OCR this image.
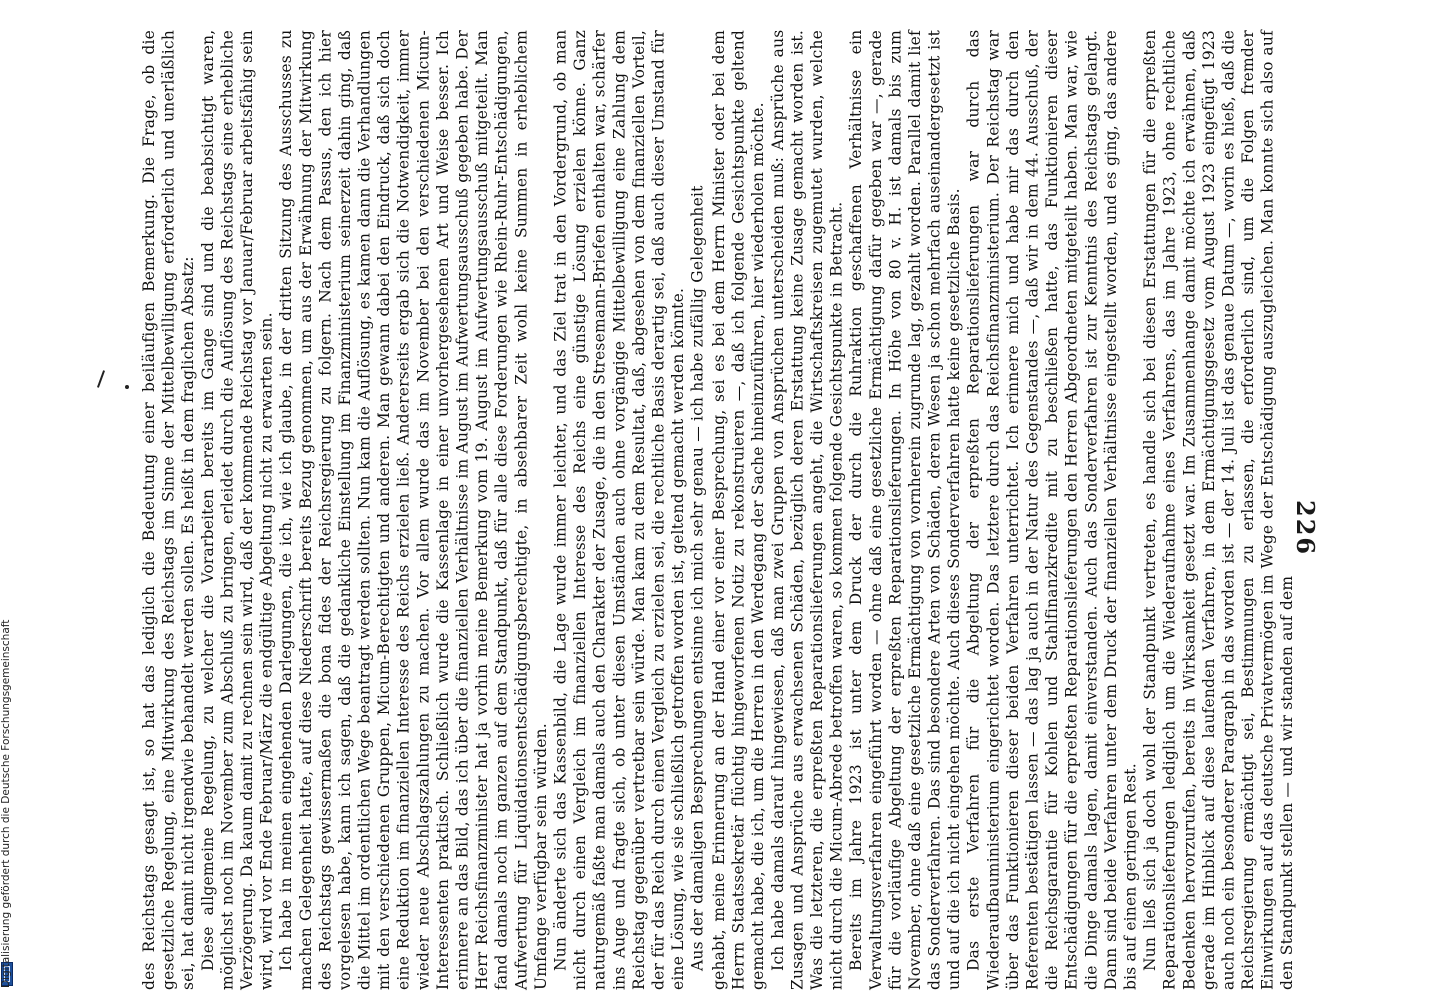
des Reichstags gesagt ist, so hat das lediglich die Bedeutung einer beiläufigen Bemerkung. Die Frage, ob die gesetzliche Regelung, eine Mitwirkung des Reichstags im Sinne der Mittelbewilligung erforderlich und unerläßlich sei, hat damit nicht irgendwie behandelt werden sollen. Es heißt in dem fraglichen Absatz: Diese allgemeine Regelung, zu welcher die Vorarbeiten bereits im Gange sind und die beabsichtigt waren, möglichst noch im November zum Abschluß zu bringen, erleidet durch die Auflösung des Reichstags eine erhebliche Verzögerung. Da kaum damit zu rechnen sein wird, daß der kommende Reichstag vor Januar/Februar arbeitsfähig sein wird, wird vor Ende Februar/März die endgültige Abgeltung nicht zu erwarten sein. Ich habe in meinen eingehenden Darlegungen, die ich, wie ich glaube, in der dritten Sitzung des Ausschusses zu machen Gelegenheit hatte, auf diese Niederschrift bereits Bezug genommen, um aus der Erwähnung der Mitwirkung des Reichstags gewissermaßen die bona fides der Reichsregierung zu folgern. Nach dem Passus, den ich hier vorgelesen habe, kann ich sagen, daß die gedankliche Einstellung im Finanzministerium seinerzeit dahin ging, daß die Mittel im ordentlichen Wege beantragt werden sollten. Nun kam die Auflösung, es kamen dann die Verhandlungen mit den verschiedenen Gruppen, Micum-Berechtigten und anderen. Man gewann dabei den Eindruck, daß sich doch eine Reduktion im finanziellen Interesse des Reichs erzielen ließ. Andererseits ergab sich die Notwendigkeit, immer wieder neue Abschlagszahlungen zu machen. Vor allem wurde das im November bei den verschiedenen Micum-Interessenten praktisch. Schließlich wurde die Kassenlage in einer unvorhergesehenen Art und Weise besser. Ich erinnere an das Bild, das ich über die finanziellen Verhältnisse im August im Aufwertungsausschuß gegeben habe. Der Herr Reichsfinanzminister hat ja vorhin meine Bemerkung vom 19. August im Aufwertungsausschuß mitgeteilt. Man fand damals noch im ganzen auf dem Standpunkt, daß für alle diese Forderungen wie Rhein-Ruhr-Entschädigungen, Aufwertung für Liquidationsentschädigungsberechtigte, in absehbarer Zeit wohl keine Summen in erheblichem Umfange verfügbar sein würden. Nun änderte sich das Kassenbild, die Lage wurde immer leichter, und das Ziel trat in den Vordergrund, ob man nicht durch einen Vergleich im finanziellen Interesse des Reichs eine günstige Lösung erzielen könne. Ganz naturgemäß faßte man damals auch den Charakter der Zusage, die in den Stresemann-Briefen enthalten war, schärfer ins Auge und fragte sich, ob unter diesen Umständen auch ohne vorgängige Mittelbewilligung eine Zahlung dem Reichstag gegenüber vertretbar sein würde. Man kam zu dem Resultat, daß, abgesehen von dem finanziellen Vorteil, der für das Reich durch einen Vergleich zu erzielen sei, die rechtliche Basis derartig sei, daß auch dieser Umstand für eine Lösung, wie sie schließlich getroffen worden ist, geltend gemacht werden könnte. Aus der damaligen Besprechungen entsinne ich mich sehr genau — ich habe zufällig Gelegenheit	226

gehabt, meine Erinnerung an der Hand einer vor einer Besprechung, sei es bei dem Herrn Minister oder bei dem Herrn Staatssekretär flüchtig hingeworfenen Notiz zu rekonstruieren —, daß ich folgende Gesichtspunkte geltend gemacht habe, die ich, um die Herren in den Werdegang der Sache hineinzuführen, hier wiederholen möchte. Ich habe damals darauf hingewiesen, daß man zwei Gruppen von Ansprüchen unterscheiden muß: Ansprüche aus Zusagen und Ansprüche aus erwachsenen Schäden, bezüglich deren Erstattung keine Zusage gemacht worden ist. Was die letzteren, die erpreßten Reparationslieferungen angeht, die Wirtschaftskreisen zugemutet wurden, welche nicht durch die Micum-Abrede betroffen waren, so kommen folgende Gesichtspunkte in Betracht. Bereits im Jahre 1923 ist unter dem Druck der durch die Ruhraktion geschaffenen Verhältnisse ein Verwaltungsverfahren eingeführt worden — ohne daß eine gesetzliche Ermächtigung dafür gegeben war —, gerade für die vorläufige Abgeltung der erpreßten Reparationslieferungen. In Höhe von 80 v. H. ist damals bis zum November, ohne daß eine gesetzliche Ermächtigung von vornherein zugrunde lag, gezahlt worden. Parallel damit lief das Sonderverfahren. Das sind besondere Arten von Schäden, deren Wesen ja schon mehrfach auseinandergesetzt ist und auf die ich nicht eingehen möchte. Auch dieses Sonderverfahren hatte keine gesetzliche Basis. Das erste Verfahren für die Abgeltung der erpreßten Reparationslieferungen war durch das Wiederaufbauministerium eingerichtet worden. Das letztere durch das Reichsfinanzministerium. Der Reichstag war über das Funktionieren dieser beiden Verfahren unterrichtet. Ich erinnere mich und habe mir das durch den Referenten bestätigen lassen — das lag ja auch in der Natur des Gegenstandes —, daß wir in dem 44. Ausschuß, der die Reichsgarantie für Kohlen und Stahlfinanzkredite mit zu beschließen hatte, das Funktionieren dieser Entschädigungen für die erpreßten Reparationslieferungen den Herren Abgeordneten mitgeteilt haben. Man war, wie die Dinge damals lagen, damit einverstanden. Auch das Sonderverfahren ist zur Kenntnis des Reichstags gelangt. Dann sind beide Verfahren unter dem Druck der finanziellen Verhältnisse eingestellt worden, und es ging, das andere bis auf einen geringen Rest. Nun ließ sich ja doch wohl der Standpunkt vertreten, es handle sich bei diesen Erstattungen für die erpreßten Reparationslieferungen lediglich um die Wiederaufnahme eines Verfahrens, das im Jahre 1923, ohne rechtliche Bedenken hervorzurufen, bereits in Wirksamkeit gesetzt war. Im Zusammenhange damit möchte ich erwähnen, daß gerade im Hinblick auf diese laufenden Verfahren, in dem Ermächtigungsgesetz vom August 1923 eingefügt 1923 auch noch ein besonderer Paragraph in das worden ist — der 14. Juli ist das genaue Datum —, worin es hieß, daß die Reichsregierung ermächtigt sei, Bestimmungen zu erlassen, die erforderlich sind, um die Folgen fremder Einwirkungen auf das deutsche Privatvermögen im Wege der Entschädigung auszugleichen. Man konnte sich also auf den Standpunkt stellen — und wir standen auf dem

Digitalisierung gefördert durch die Deutsche Forschungsgemeinschaft
